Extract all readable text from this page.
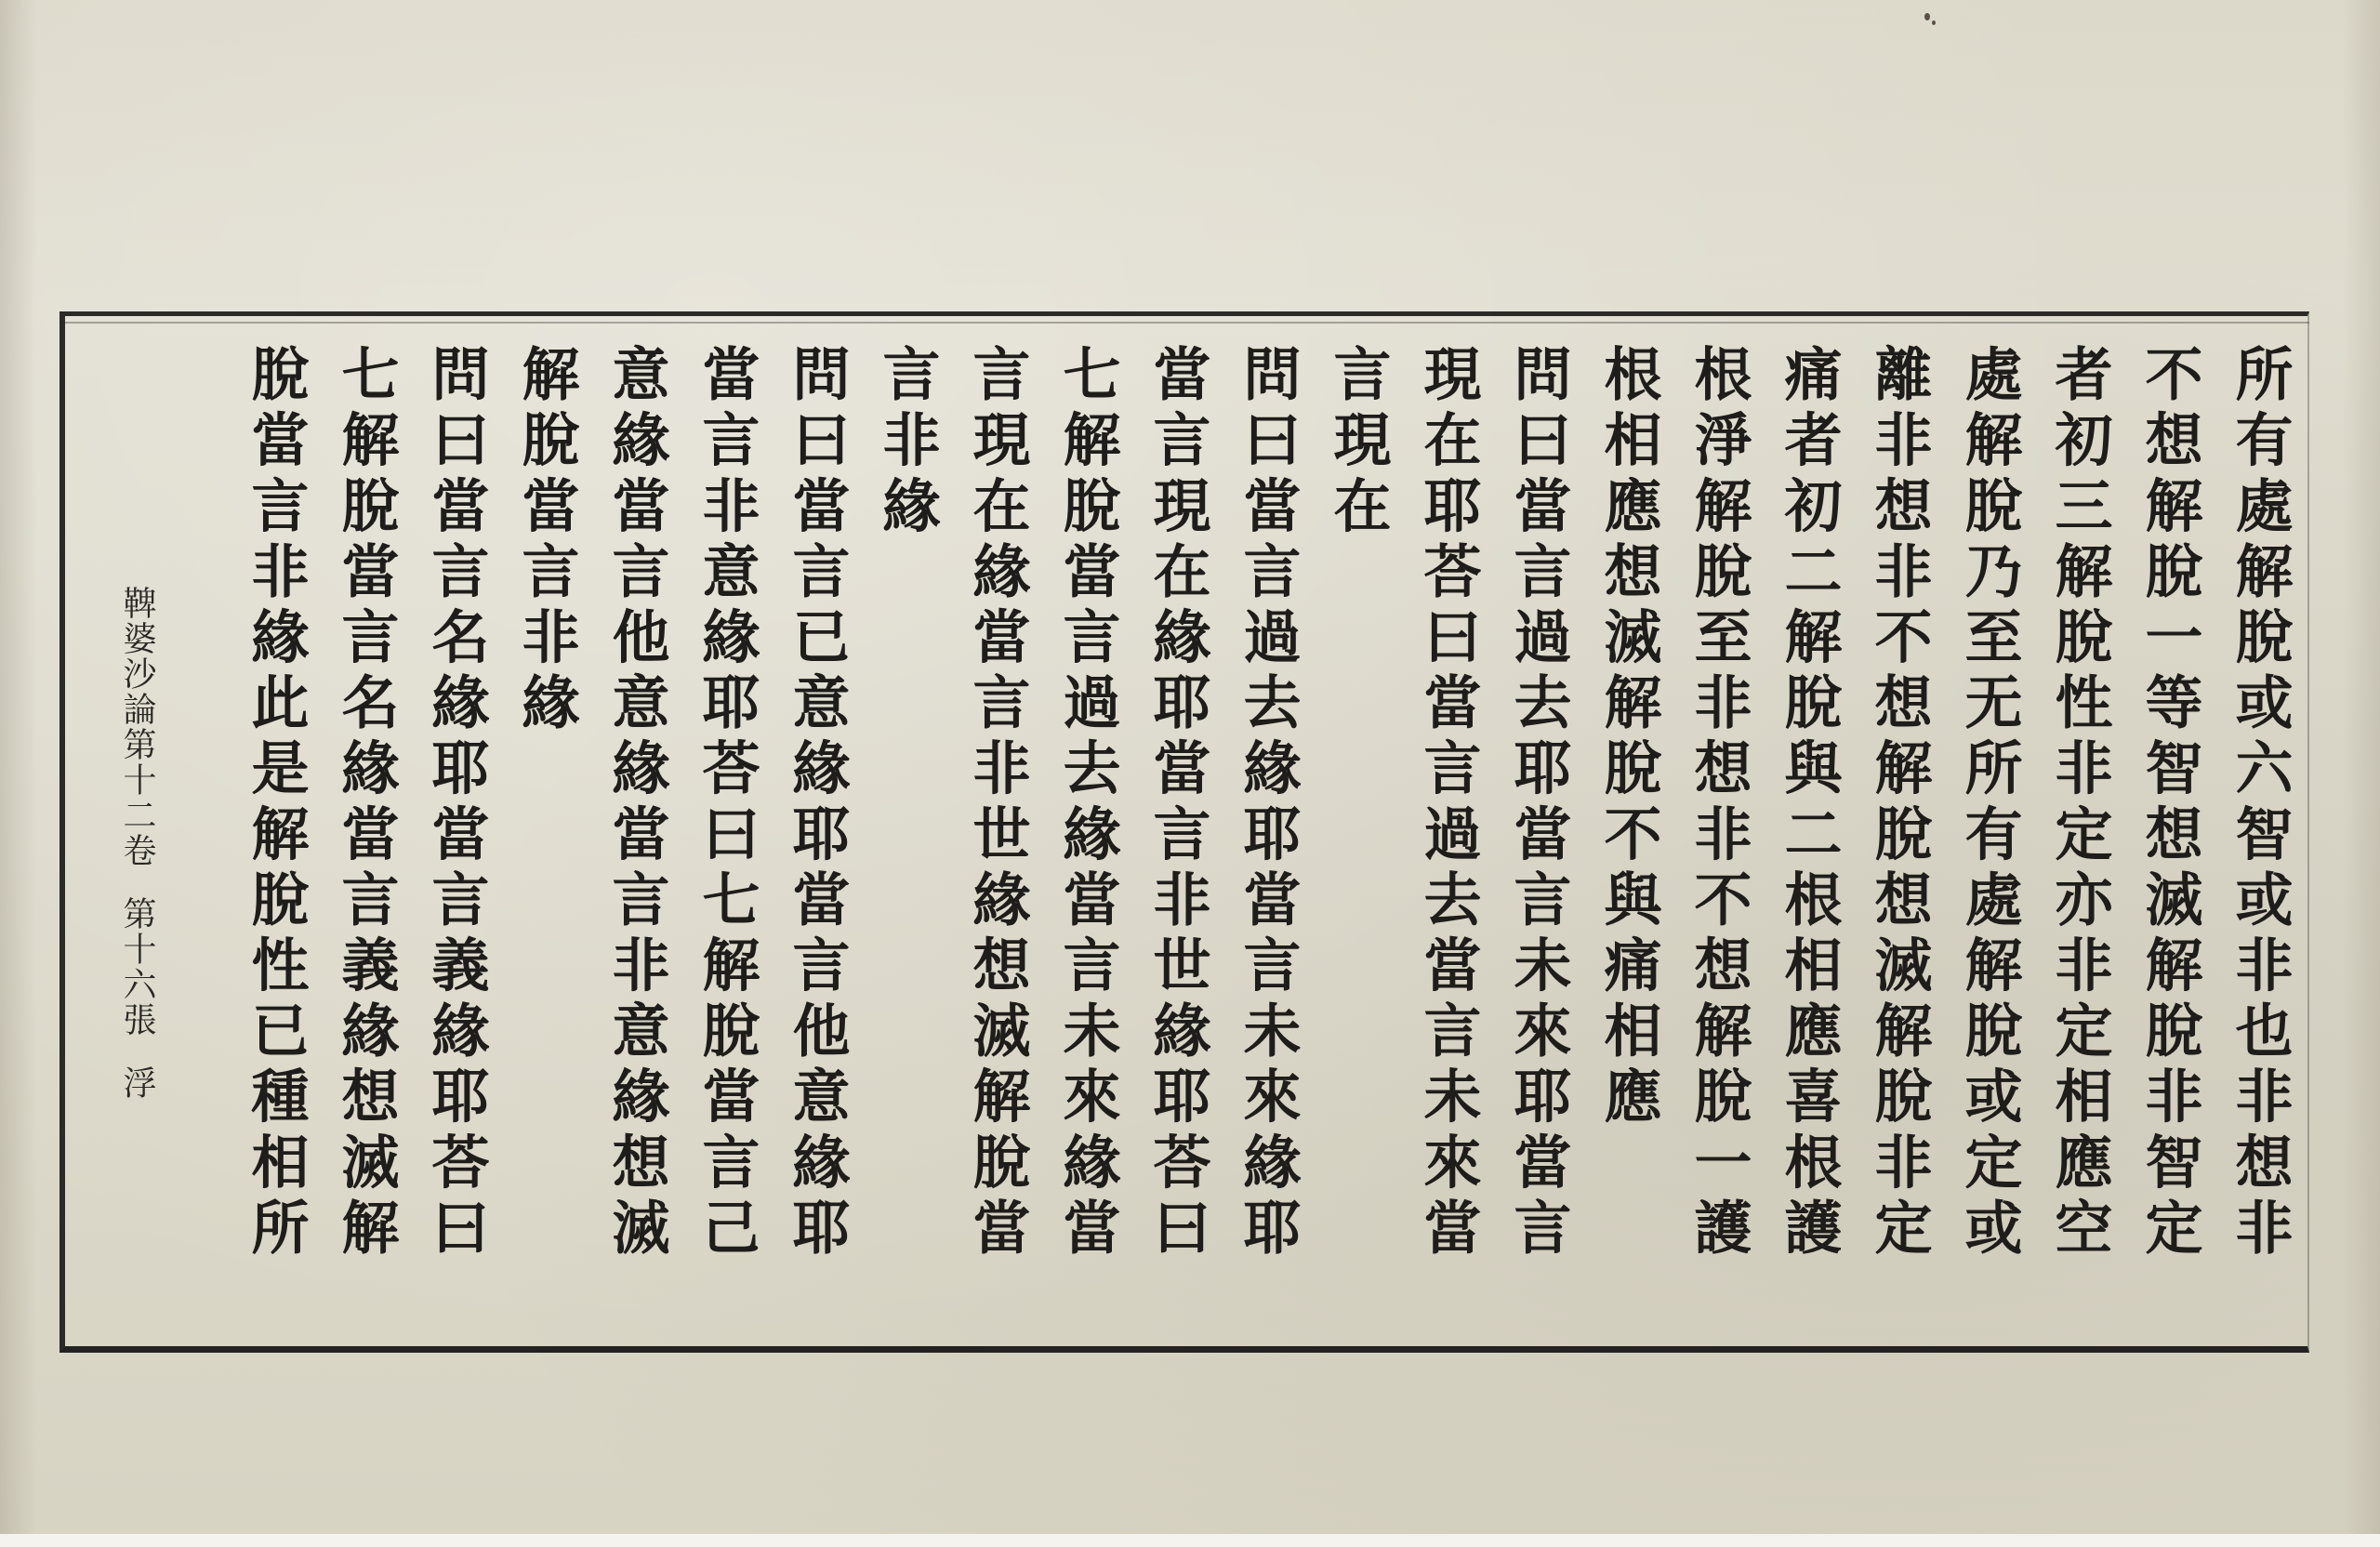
所有處解脫或六智或非也非想非
不想解脫一等智想滅解脫非智定
者初三解脫性非定亦非定相應空
處解脫乃至无所有處解脫或定或
離非想非不想解脫想滅解脫非定
痛者初二解脫與二根相應喜根護
根淨解脫至非想非不想解脫一護
根相應想滅解脫不與痛相應
問曰當言過去耶當言未來耶當言
現在耶荅曰當言過去當言未來當
言現在
問曰當言過去緣耶當言未來緣耶
當言現在緣耶當言非世緣耶荅曰
七解脫當言過去緣當言未來緣當
言現在緣當言非世緣想滅解脫當
言非緣
問曰當言已意緣耶當言他意緣耶
當言非意緣耶荅曰七解脫當言己
意緣當言他意緣當言非意緣想滅
解脫當言非緣
問曰當言名緣耶當言義緣耶荅曰
七解脫當言名緣當言義緣想滅解
脫當言非緣此是解脫性已種相所
鞞婆沙論第十二卷第十六張浮
